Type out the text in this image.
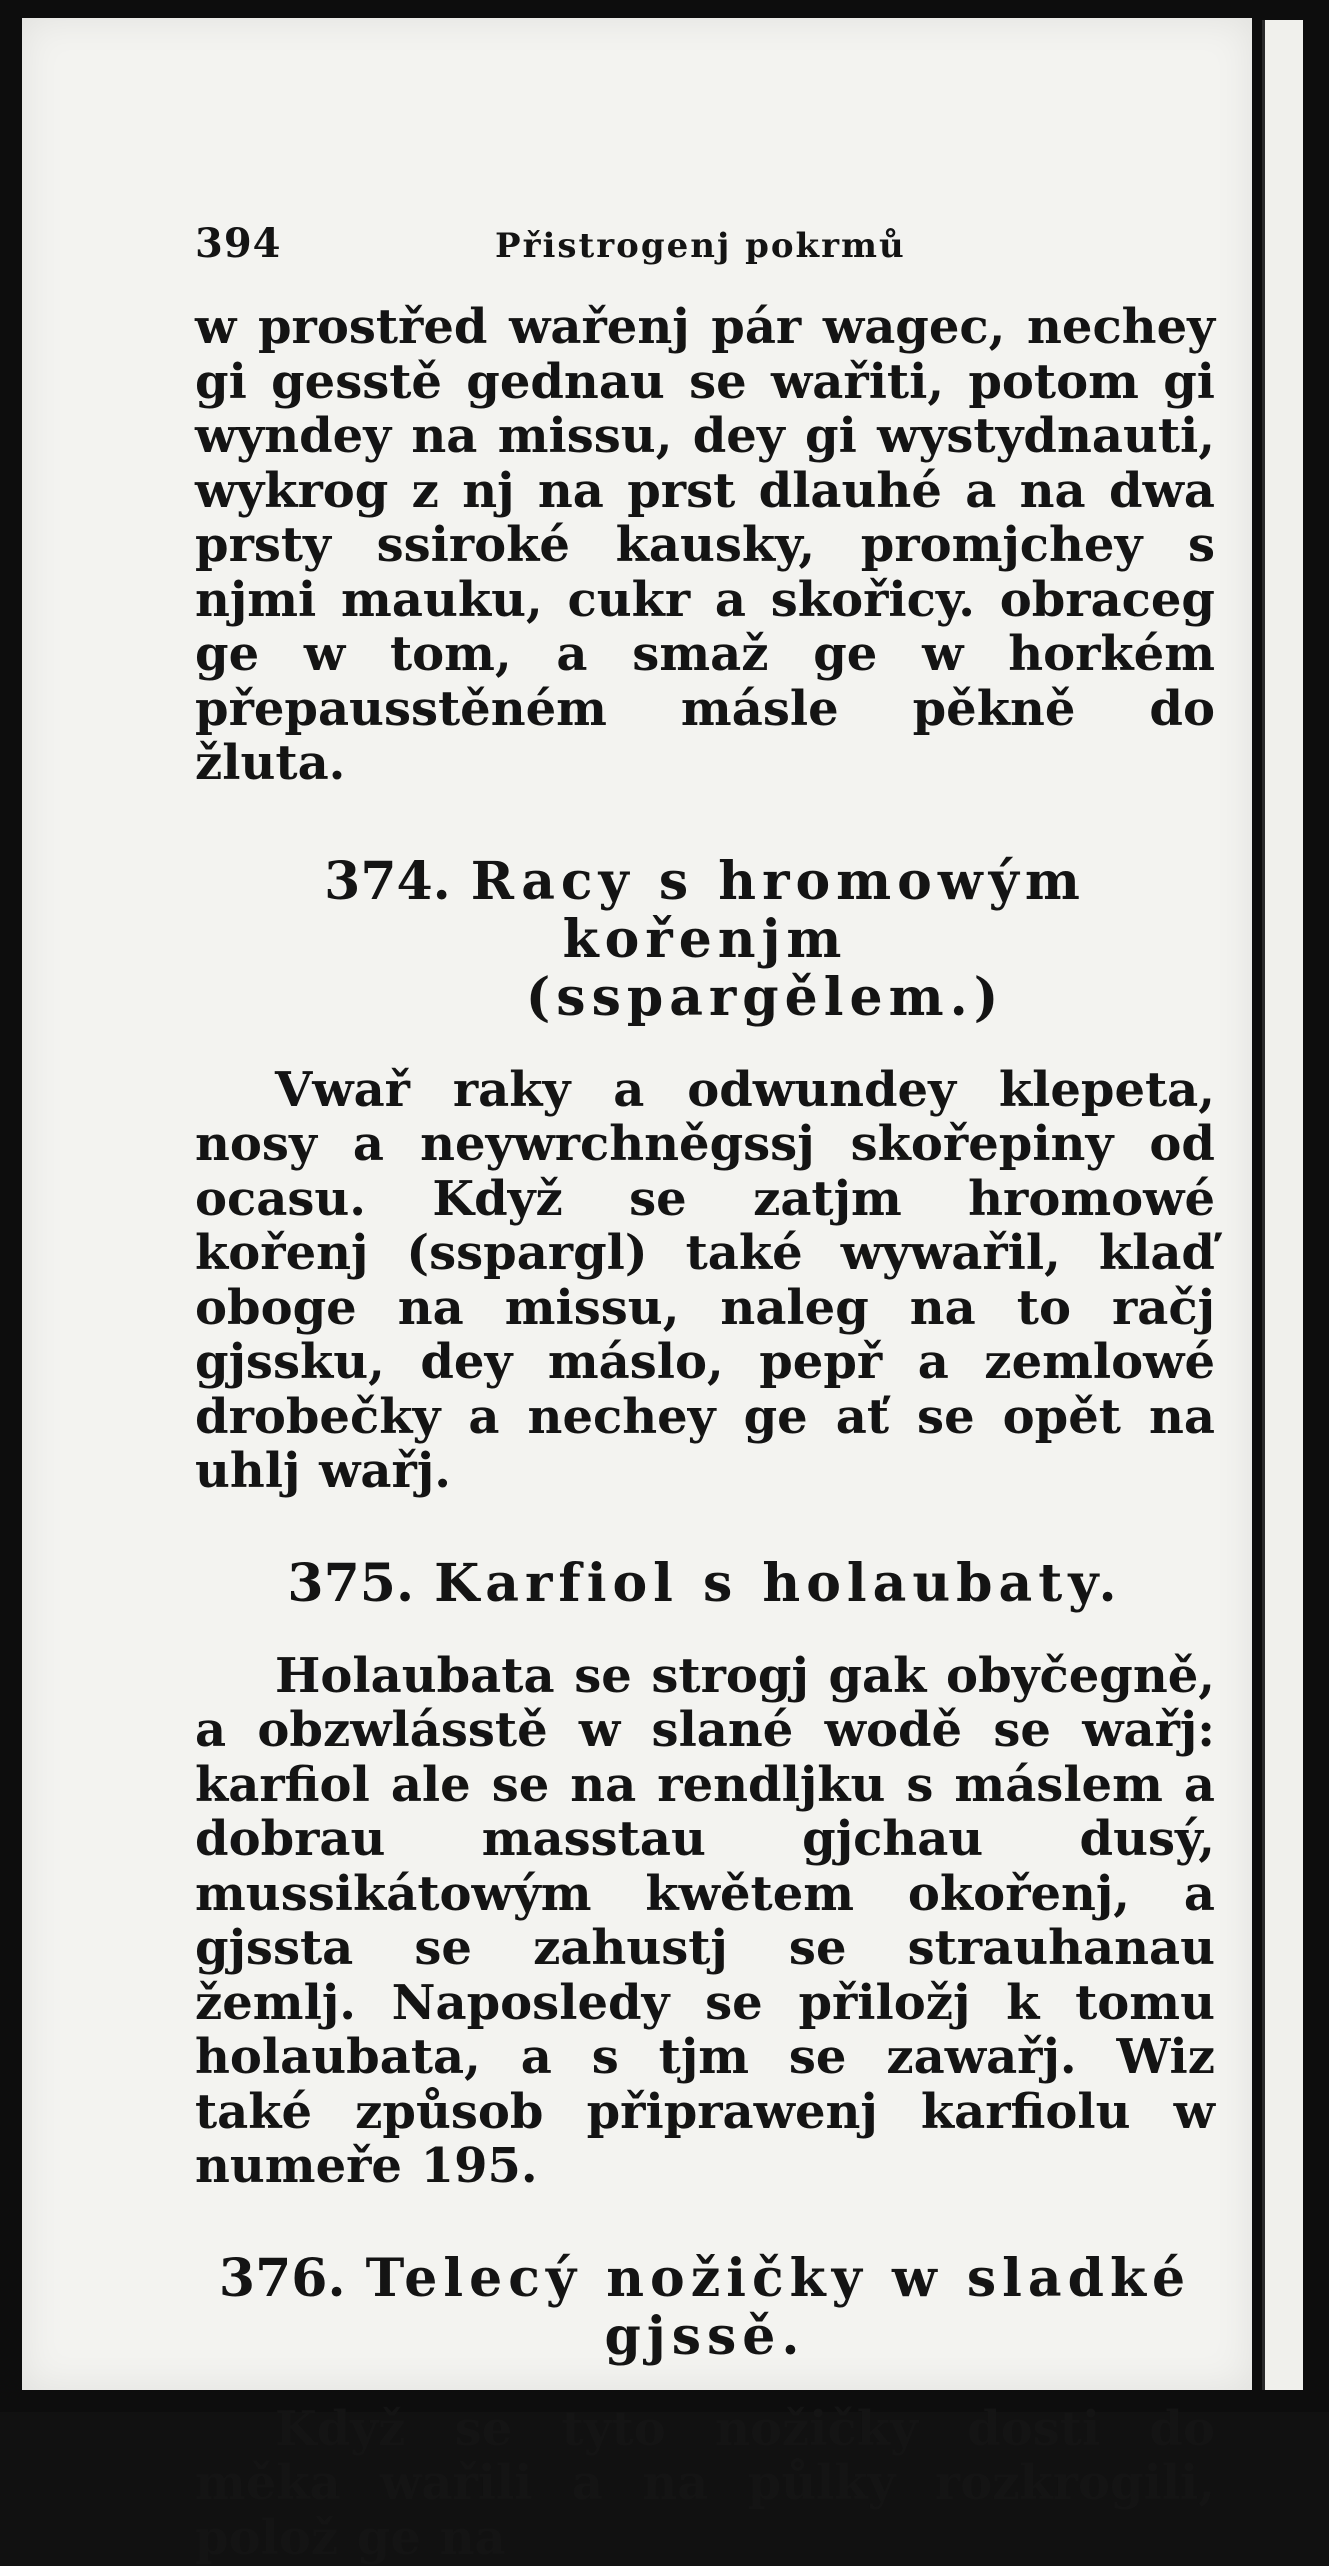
394	Přistrogenj pokrmů

w prostřed wařenj pár wagec, nechey gi gesstě gednau se wařiti, potom gi wyndey na missu, dey gi wystydnauti, wykrog z nj na prst dlauhé a na dwa prsty ssiroké kausky, promjchey s njmi mauku, cukr a skořicy. obraceg ge w tom, a smaž ge w horkém přepausstěném másle pěkně do žluta.

374. Racy s hromowým kořenjm
(sspargělem.)

Vwař raky a odwundey klepeta, nosy a neywrchněgssj skořepiny od ocasu. Když se zatjm hromowé kořenj (sspargl) také wywařil, klaď oboge na missu, naleg na to račj gjssku, dey máslo, pepř a zemlowé drobečky a nechey ge ať se opět na uhlj wařj.

375. Karfiol s holaubaty.

Holaubata se strogj gak obyčegně, a obzwlásstě w slané wodě se wařj: karfiol ale se na rendljku s máslem a dobrau masstau gjchau dusý, mussikátowým kwětem okořenj, a gjssta se zahustj se strauhanau žemlj. Naposledy se přiložj k tomu holaubata, a s tjm se zawařj. Wiz také způsob připrawenj karfiolu w numeře 195.

376. Telecý nožičky w sladké gjssě.

Když se tyto nožičky dosti do měka wařili a na půlky rozkrogili, polož ge na
